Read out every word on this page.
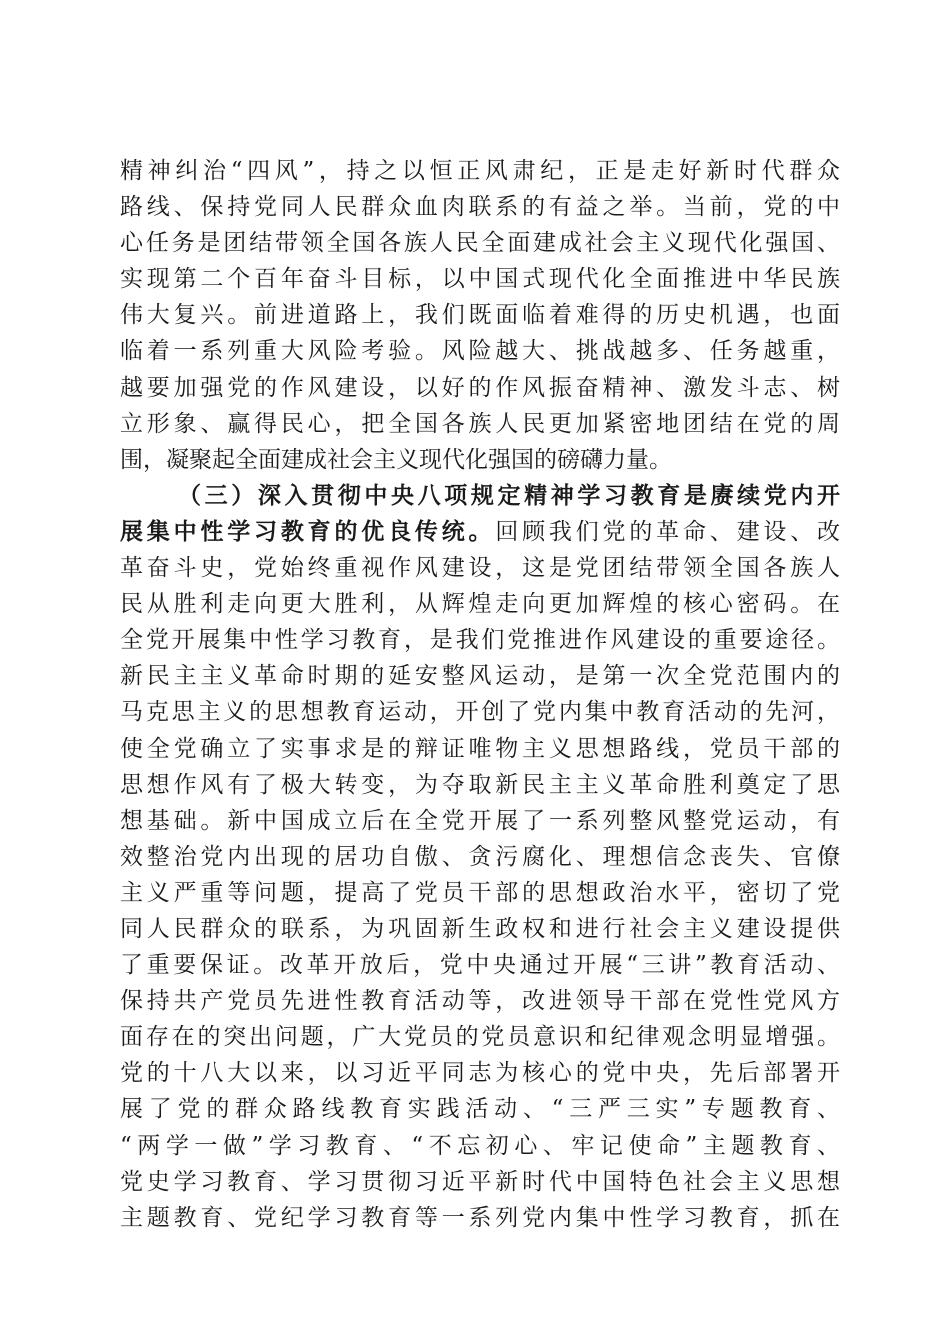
精神纠治“四风”，持之以恒正风肃纪，正是走好新时代群众
路线、保持党同人民群众血肉联系的有益之举。当前，党的中
心任务是团结带领全国各族人民全面建成社会主义现代化强国、
实现第二个百年奋斗目标，以中国式现代化全面推进中华民族
伟大复兴。前进道路上，我们既面临着难得的历史机遇，也面
临着一系列重大风险考验。风险越大、挑战越多、任务越重，
越要加强党的作风建设，以好的作风振奋精神、激发斗志、树
立形象、赢得民心，把全国各族人民更加紧密地团结在党的周
围，凝聚起全面建成社会主义现代化强国的磅礴力量。
（三）深入贯彻中央八项规定精神学习教育是赓续党内开
展集中性学习教育的优良传统。回顾我们党的革命、建设、改
革奋斗史，党始终重视作风建设，这是党团结带领全国各族人
民从胜利走向更大胜利，从辉煌走向更加辉煌的核心密码。在
全党开展集中性学习教育，是我们党推进作风建设的重要途径。
新民主主义革命时期的延安整风运动，是第一次全党范围内的
马克思主义的思想教育运动，开创了党内集中教育活动的先河，
使全党确立了实事求是的辩证唯物主义思想路线，党员干部的
思想作风有了极大转变，为夺取新民主主义革命胜利奠定了思
想基础。新中国成立后在全党开展了一系列整风整党运动，有
效整治党内出现的居功自傲、贪污腐化、理想信念丧失、官僚
主义严重等问题，提高了党员干部的思想政治水平，密切了党
同人民群众的联系，为巩固新生政权和进行社会主义建设提供
了重要保证。改革开放后，党中央通过开展“三讲”教育活动、
保持共产党员先进性教育活动等，改进领导干部在党性党风方
面存在的突出问题，广大党员的党员意识和纪律观念明显增强。
党的十八大以来，以习近平同志为核心的党中央，先后部署开
展了党的群众路线教育实践活动、“三严三实”专题教育、
“两学一做”学习教育、“不忘初心、牢记使命”主题教育、
党史学习教育、学习贯彻习近平新时代中国特色社会主义思想
主题教育、党纪学习教育等一系列党内集中性学习教育，抓在
